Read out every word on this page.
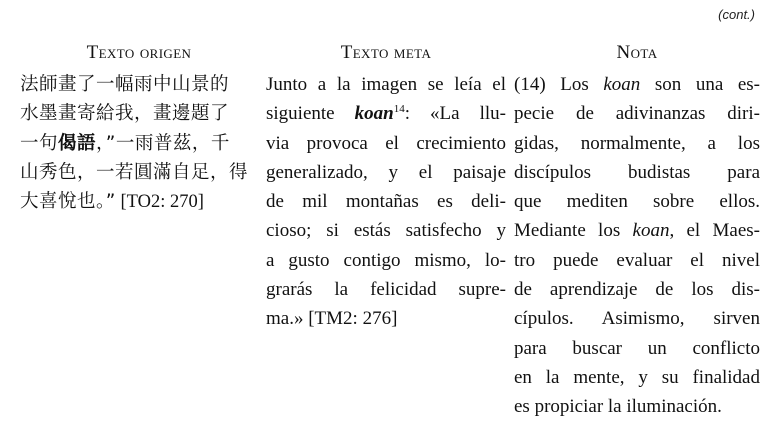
(cont.)
Texto origen	Texto meta	Nota
法師畫了一幅雨中山景的
水墨畫寄給我，畫邊題了
一句偈語，”一雨普茲，千
山秀色，一若圓滿自足，得
大喜悅也。” [TO2: 270]
Junto a la imagen se leía el
siguiente koan$^{14}$: «La llu-
via provoca el crecimiento
generalizado, y el paisaje
de mil montañas es deli-
cioso; si estás satisfecho y
a gusto contigo mismo, lo-
grarás la felicidad supre-
ma.» [TM2: 276]
(14) Los koan son una es-
pecie de adivinanzas diri-
gidas, normalmente, a los
discípulos budistas para
que mediten sobre ellos.
Mediante los koan, el Maes-
tro puede evaluar el nivel
de aprendizaje de los dis-
cípulos. Asimismo, sirven
para buscar un conflicto
en la mente, y su finalidad
es propiciar la iluminación.
